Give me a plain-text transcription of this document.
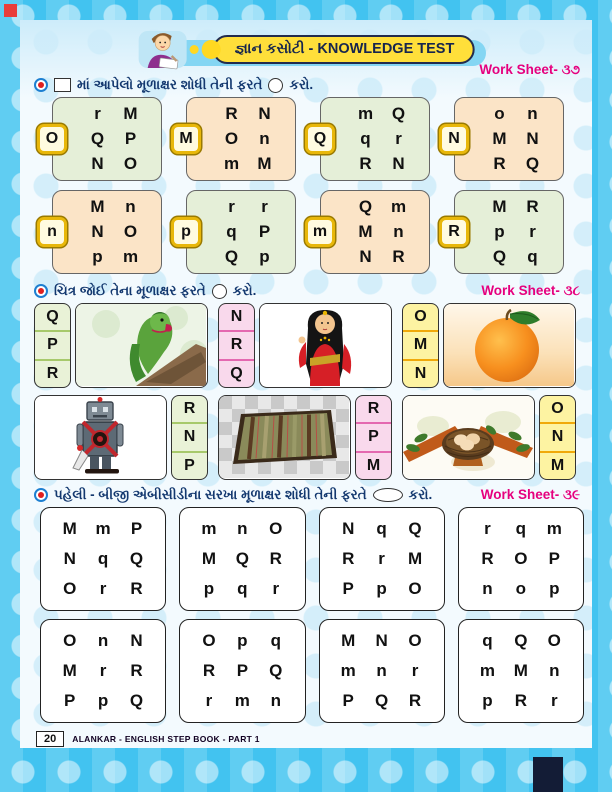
જ્ઞાન કસોટી - KNOWLEDGE TEST
Work Sheet- ૩૭
માં આપેલો મૂળાક્ષર શોધી તેની ફરતે કરો.
O
r M
Q P
N O
M
R N
O n
m M
Q
m Q
q r
R N
N
o n
M N
R Q
n
M n
N O
p m
p
r r
q P
Q p
m
Q m
M n
N R
R
M R
p r
Q q
ચિત્ર જોઈ તેના મૂળાક્ષર ફરતે કરો.	Work Sheet- ૩૮
Q
P
R
N
R
Q
O
M
N
R
N
P
R
P
M
O
N
M
પહેલી - બીજી એબીસીડીના સરખા મૂળાક્ષર શોધી તેની ફરતે	કરો.	Work Sheet- ૩૯
M m P
N q Q
O r R
m n O
M Q R
p q r
N q Q
R r M
P p O
r q m
R O P
n o p
O n N
M r R
P p Q
O p q
R P Q
r m n
M N O
m n r
P Q R
q Q O
m M n
p R r
20	ALANKAR - ENGLISH STEP BOOK - PART 1
